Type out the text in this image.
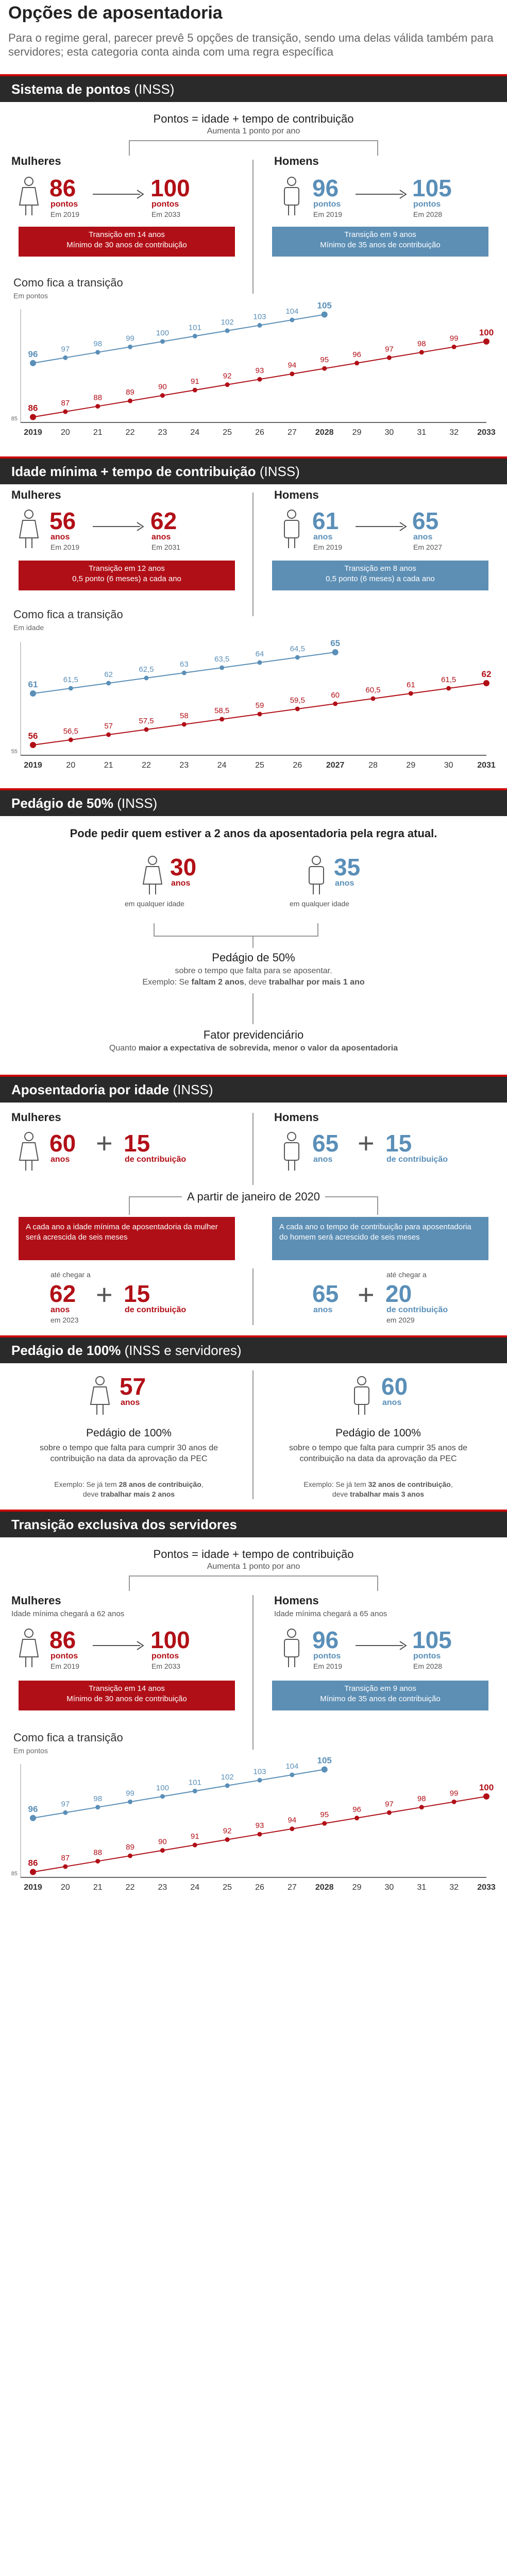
Opções de aposentadoria
Para o regime geral, parecer prevê 5 opções de transição, sendo uma delas válida também para servidores; esta categoria conta ainda com uma regra específica
Sistema de pontos (INSS)
Pontos = idade + tempo de contribuição
Aumenta 1 ponto por ano
Mulheres	Homens
86
pontos
Em 2019
100
pontos
Em 2033
Transição em 14 anos
Mínimo de 30 anos de contribuição
96
pontos
Em 2019
105
pontos
Em 2028
Transição em 9 anos
Mínimo de 35 anos de contribuição
Como fica a transição
Em pontos
85
2019 20	21	22	23	24	25	26	27 2028 29	30	31	32 2033
96	97
98
99
100
101
102
103
104
105
86	87
88
89
90
91
92
93
94
95
96
97
98
99
100
Idade mínima + tempo de contribuição (INSS)
Mulheres	Homens
56
anos
Em 2019
62
anos
Em 2031
Transição em 12 anos
0,5 ponto (6 meses) a cada ano
61
anos
Em 2019
65
anos
Em 2027
Transição em 8 anos
0,5 ponto (6 meses) a cada ano
Como fica a transição
Em idade
55
2019	20	21	22	23	24	25	26	2027	28	29	30	2031
61	61,5
62
62,5
63
63,5
64
64,5
65
56	56,5
57
57,5
58
58,5
59
59,5
60
60,5
61
61,5
62
Pedágio de 50% (INSS)
Pode pedir quem estiver a 2 anos da aposentadoria pela regra atual.
30
anos
em qualquer idade
35
anos
em qualquer idade
Pedágio de 50%
sobre o tempo que falta para se aposentar.
Exemplo: Se faltam 2 anos, deve trabalhar por mais 1 ano
Fator previdenciário
Quanto maior a expectativa de sobrevida, menor o valor da aposentadoria
Aposentadoria por idade (INSS)
Mulheres	Homens
60
anos
+ 15
de contribuição
65
anos
+ 15
de contribuição
A partir de janeiro de 2020
A cada ano a idade mínima de aposentadoria da mulher será acrescida de seis meses
A cada ano o tempo de contribuição para aposentadoria do homem será acrescido de seis meses
até chegar a
62
anos
em 2023
+ 15
de contribuição
65
anos +
até chegar a
20
de contribuição
em 2029
Pedágio de 100% (INSS e servidores)
57
anos
Pedágio de 100%
sobre o tempo que falta para cumprir 30 anos de contribuição na data da aprovação da PEC
Exemplo: Se já tem 28 anos de contribuição,
deve trabalhar mais 2 anos
60
anos
Pedágio de 100%
sobre o tempo que falta para cumprir 35 anos de contribuição na data da aprovação da PEC
Exemplo: Se já tem 32 anos de contribuição,
deve trabalhar mais 3 anos
Transição exclusiva dos servidores
Pontos = idade + tempo de contribuição
Aumenta 1 ponto por ano
Mulheres
Idade mínima chegará a 62 anos
Homens
Idade mínima chegará a 65 anos
86
pontos
Em 2019
100
pontos
Em 2033
Transição em 14 anos
Mínimo de 30 anos de contribuição
96
pontos
Em 2019
105
pontos
Em 2028
Transição em 9 anos
Mínimo de 35 anos de contribuição
Como fica a transição
Em pontos
85
2019 20	21	22	23	24	25	26	27 2028 29	30	31	32 2033
96	97
98
99
100
101
102
103
104
105
86	87
88
89
90
91
92
93
94
95
96
97
98
99
100
